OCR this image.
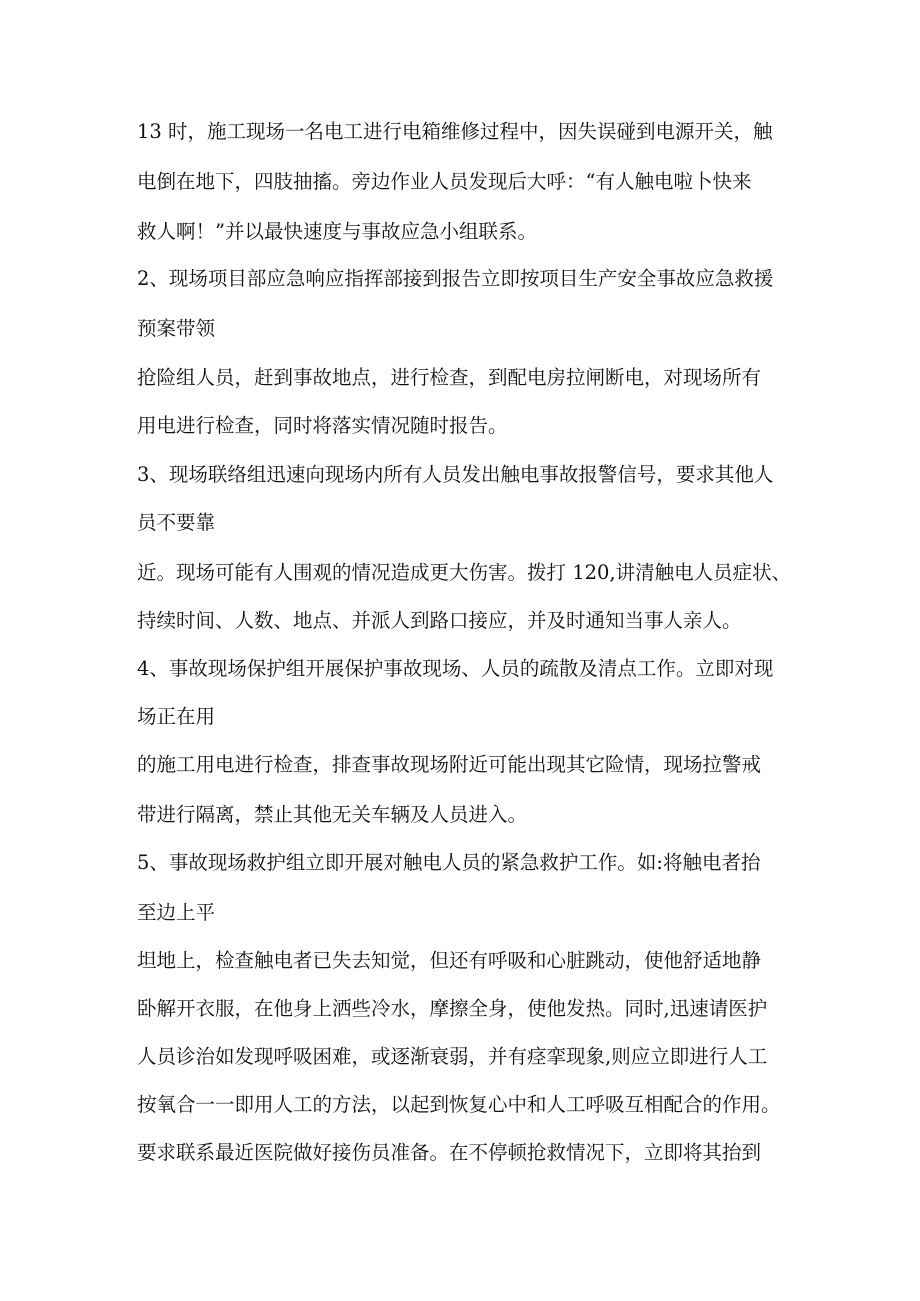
13 时，施工现场一名电工进行电箱维修过程中，因失误碰到电源开关，触
电倒在地下，四肢抽搐。旁边作业人员发现后大呼：“有人触电啦卜快来
救人啊！”并以最快速度与事故应急小组联系。
2、现场项目部应急响应指挥部接到报告立即按项目生产安全事故应急救援
预案带领
抢险组人员，赶到事故地点，进行检查，到配电房拉闸断电，对现场所有
用电进行检查，同时将落实情况随时报告。
3、现场联络组迅速向现场内所有人员发出触电事故报警信号，要求其他人
员不要靠
近。现场可能有人围观的情况造成更大伤害。拨打 120,讲清触电人员症状、
持续时间、人数、地点、并派人到路口接应，并及时通知当事人亲人。
4、事故现场保护组开展保护事故现场、人员的疏散及清点工作。立即对现
场正在用
的施工用电进行检查，排查事故现场附近可能出现其它险情，现场拉警戒
带进行隔离，禁止其他无关车辆及人员进入。
5、事故现场救护组立即开展对触电人员的紧急救护工作。如:将触电者抬
至边上平
坦地上，检查触电者已失去知觉，但还有呼吸和心脏跳动，使他舒适地静
卧解开衣服，在他身上洒些冷水，摩擦全身，使他发热。同时,迅速请医护
人员诊治如发现呼吸困难，或逐渐衰弱，并有痉挛现象,则应立即进行人工
按氧合一一即用人工的方法，以起到恢复心中和人工呼吸互相配合的作用。
要求联系最近医院做好接伤员准备。在不停顿抢救情况下，立即将其抬到
